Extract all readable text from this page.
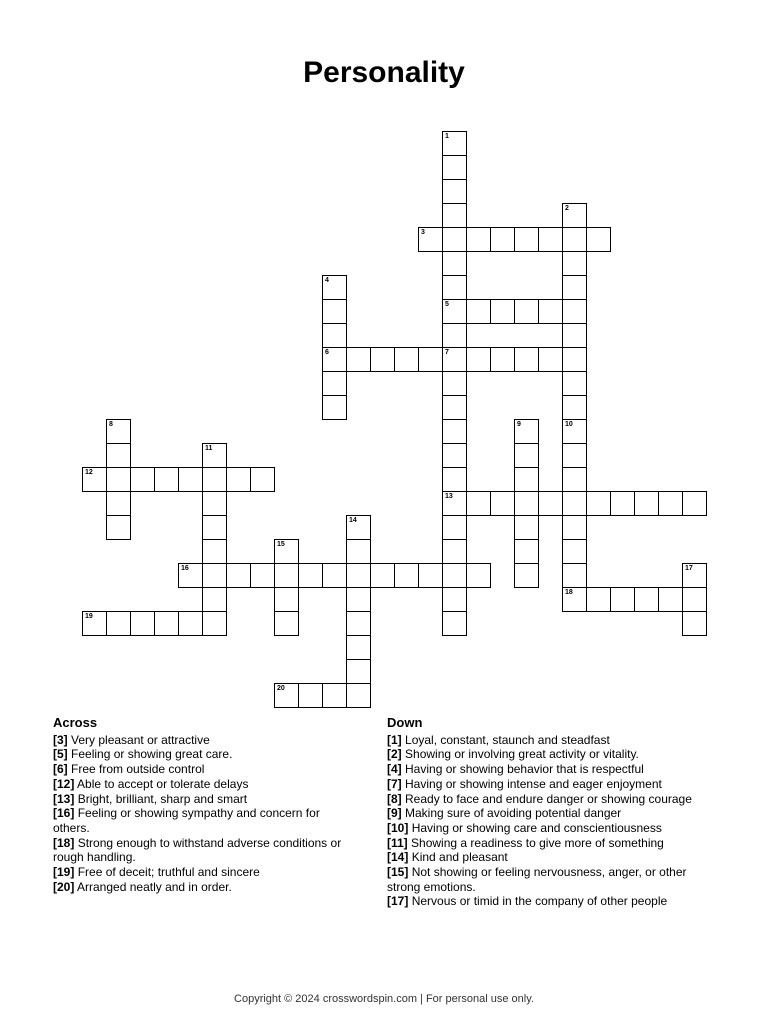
Personality
1
5
7
2
3
4
6
13
8	9	10
11
12
14
15
16	17
18
19
20
Across
[3] Very pleasant or attractive
[5] Feeling or showing great care.
[6] Free from outside control
[12] Able to accept or tolerate delays
[13] Bright, brilliant, sharp and smart
[16] Feeling or showing sympathy and concern for others.
[18] Strong enough to withstand adverse conditions or rough handling.
[19] Free of deceit; truthful and sincere
[20] Arranged neatly and in order.
Down
[1] Loyal, constant, staunch and steadfast
[2] Showing or involving great activity or vitality.
[4] Having or showing behavior that is respectful
[7] Having or showing intense and eager enjoyment
[8] Ready to face and endure danger or showing courage
[9] Making sure of avoiding potential danger
[10] Having or showing care and conscientiousness
[11] Showing a readiness to give more of something
[14] Kind and pleasant
[15] Not showing or feeling nervousness, anger, or other strong emotions.
[17] Nervous or timid in the company of other people
Copyright © 2024 crosswordspin.com | For personal use only.
